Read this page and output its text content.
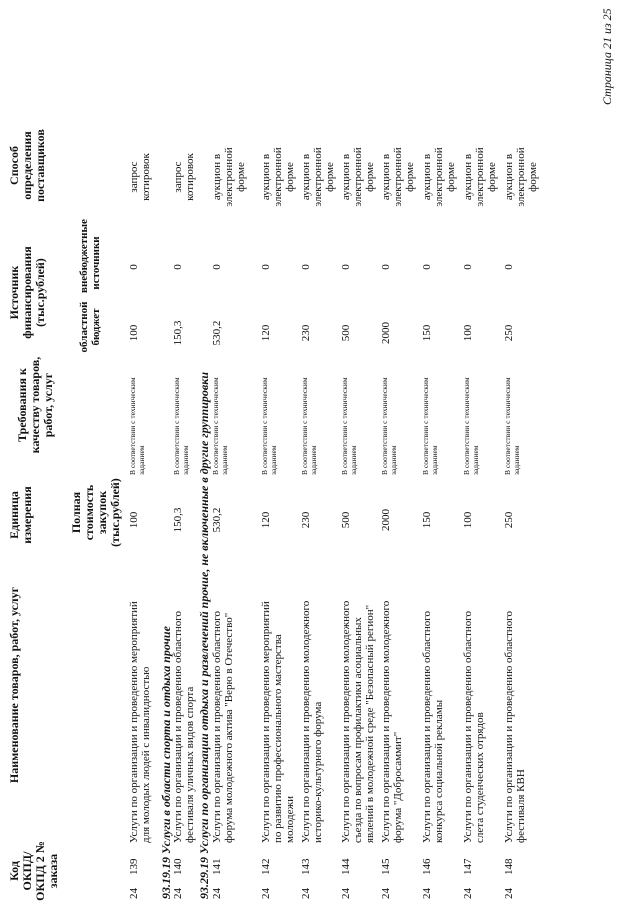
Код ОКПД/ ОКПД 2 № заказа
Наименование товаров, работ, услуг
Единица измерения	Полная стоимость закупок (тыс.рублей)
Требования к качеству товаров, работ, услуг
Источник финансирования (тыс.рублей)
областной бюджет
внебюджетные источники
Способ определения поставщиков
24
139
Услуги по организации и проведению мероприятий для молодых людей с инвалидностью
100
В соответствии с техническим заданием
100
0
запрос котировок
93.19.19 Услуги в области спорта и отдыха прочие 24
140
Услуги по организации и проведению областного фестиваля уличных видов спорта
150,3
В соответствии с техническим заданием
150,3
0
запрос котировок
93.29.19 Услуги по организации отдыха и развлечений прочие, не включенные в другие группировки 24
141
Услуги по организации и проведению областного форума молодежного актива "Верю в Отечество"
530,2
В соответствии с техническим заданием
530,2
0
аукцион в электронной форме
24
142
Услуги по организации и проведению мероприятий по развитию профессионального мастерства молодежи
120
В соответствии с техническим заданием
120
0
аукцион в электронной форме
24
143
Услуги по организации и проведению молодежного историко-культурного форума
230
В соответствии с техническим заданием
230
0
аукцион в электронной форме
24
144
Услуги по организации и проведению молодежного съезда по вопросам профилактики асоциальных явлений в молодежной среде "Безопасный регион"
500
В соответствии с техническим заданием
500
0
аукцион в электронной форме
24
145
Услуги по организации и проведению молодежного форума "Добросаммит"
2000
В соответствии с техническим заданием
2000
0
аукцион в электронной форме
24
146
Услуги по организации и проведению областного конкурса социальной рекламы
150
В соответствии с техническим заданием
150
0
аукцион в электронной форме
24
147
Услуги по организации и проведению областного слета студенческих отрядов
100
В соответствии с техническим заданием
100
0
аукцион в электронной форме
24
148
Услуги по организации и проведению областного фестиваля КВН
250
В соответствии с техническим заданием
250
0
аукцион в электронной форме
Страница 21 из 25
